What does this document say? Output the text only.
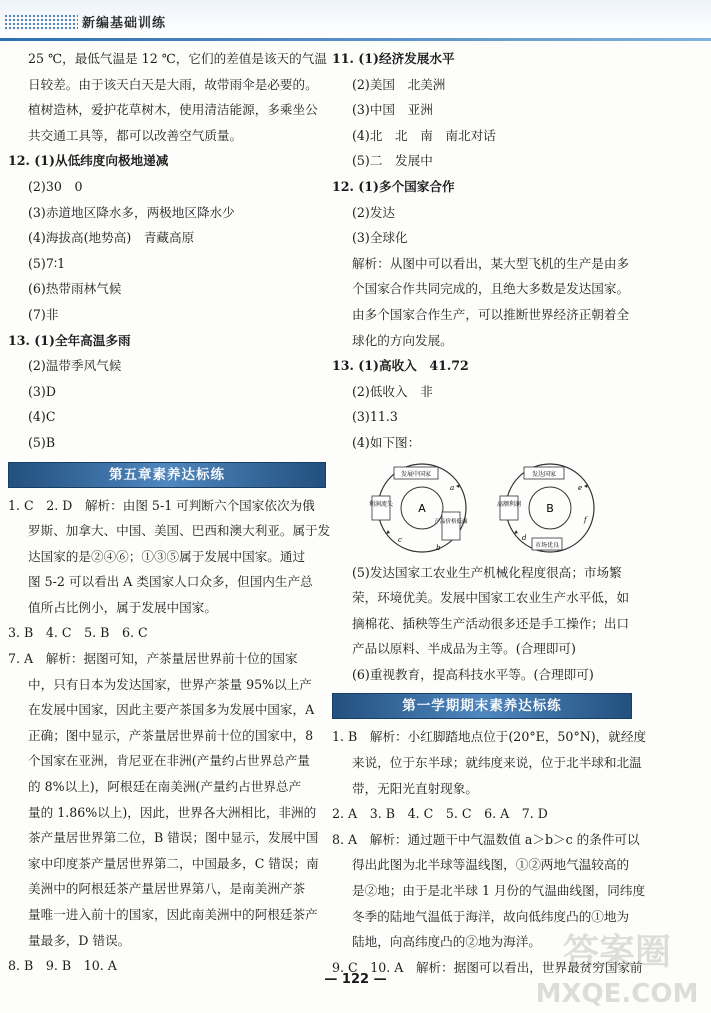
新编基础训练
25 ℃，最低气温是 12 ℃，它们的差值是该天的气温
日较差。由于该天白天是大雨，故带雨伞是必要的。
植树造林，爱护花草树木，使用清洁能源，多乘坐公
共交通工具等，都可以改善空气质量。
12. (1)从低纬度向极地递减
(2)30　0
(3)赤道地区降水多，两极地区降水少
(4)海拔高(地势高)　青藏高原
(5)7∶1
(6)热带雨林气候
(7)非
13. (1)全年高温多雨
(2)温带季风气候
(3)D
(4)C
(5)B
第五章素养达标练
1. C　2. D　解析：由图 5-1 可判断六个国家依次为俄
罗斯、加拿大、中国、美国、巴西和澳大利亚。属于发
达国家的是②④⑥；①③⑤属于发展中国家。通过
图 5-2 可以看出 A 类国家人口众多，但国内生产总
值所占比例小，属于发展中国家。
3. B　4. C　5. B　6. C
7. A　解析：据图可知，产茶量居世界前十位的国家
中，只有日本为发达国家，世界产茶量 95%以上产
在发展中国家，因此主要产茶国多为发展中国家，A
正确；图中显示，产茶量居世界前十位的国家中，8
个国家在亚洲，肯尼亚在非洲(产量约占世界总产量
的 8%以上)，阿根廷在南美洲(产量约占世界总产
量的 1.86%以上)，因此，世界各大洲相比，非洲的
茶产量居世界第二位，B 错误；图中显示，发展中国
家中印度茶产量居世界第二，中国最多，C 错误；南
美洲中的阿根廷茶产量居世界第八，是南美洲产茶
量唯一进入前十的国家，因此南美洲中的阿根廷茶产
量最多，D 错误。
8. B　9. B　10. A
11. (1)经济发展水平
(2)美国　北美洲
(3)中国　亚洲
(4)北　北　南　南北对话
(5)二　发展中
12. (1)多个国家合作
(2)发达
(3)全球化
解析：从图中可以看出，某大型飞机的生产是由多
个国家合作共同完成的，且绝大多数是发达国家。
由多个国家合作生产，可以推断世界经济正朝着全
球化的方向发展。
13. (1)高收入　41.72
(2)低收入　非
(3)11.3
(4)如下图：
A
发展中国家
利润流失
a
c
产品价格低廉
b
B
发达国家
高额利润
e
f
市场优良
d
(5)发达国家工农业生产机械化程度很高；市场繁
荣，环境优美。发展中国家工农业生产水平低，如
摘棉花、插秧等生产活动很多还是手工操作；出口
产品以原料、半成品为主等。(合理即可)
(6)重视教育，提高科技水平等。(合理即可)
第一学期期末素养达标练
1. B　解析：小红脚踏地点位于(20°E，50°N)，就经度
来说，位于东半球；就纬度来说，位于北半球和北温
带，无阳光直射现象。
2. A　3. B　4. C　5. C　6. A　7. D
8. A　解析：通过题干中气温数值 a＞b＞c 的条件可以
得出此图为北半球等温线图，①②两地气温较高的
是②地；由于是北半球 1 月份的气温曲线图，同纬度
冬季的陆地气温低于海洋，故向低纬度凸的①地为
陆地，向高纬度凸的②地为海洋。
9. C　10. A　解析：据图可以看出，世界最贫穷国家前
— 122 —
答案圈
MXQE.COM
